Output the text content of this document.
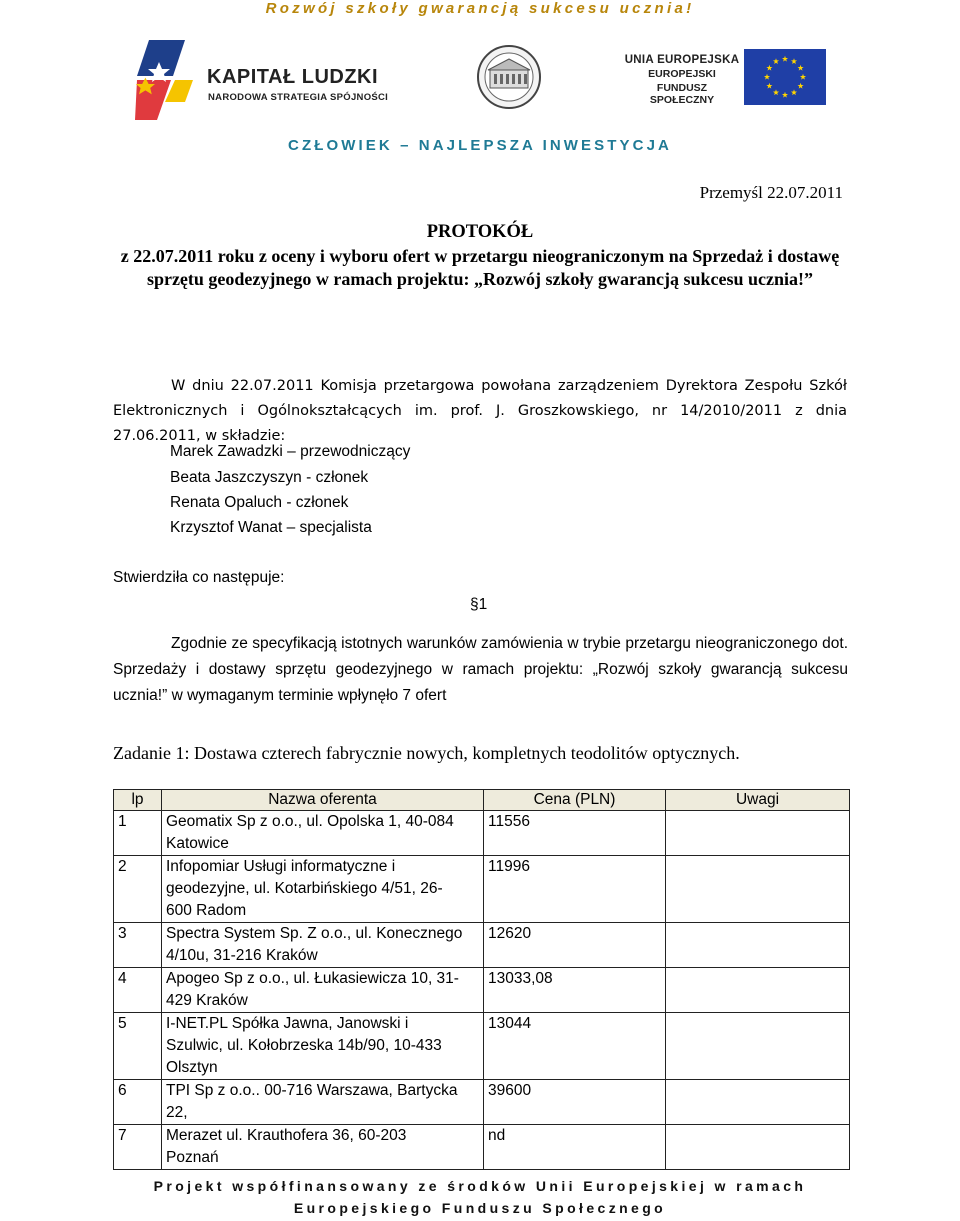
Rozwój szkoły gwarancją sukcesu ucznia!
KAPITAŁ LUDZKI
NARODOWA STRATEGIA SPÓJNOŚCI
UNIA EUROPEJSKA
EUROPEJSKI
FUNDUSZ SPOŁECZNY
CZŁOWIEK – NAJLEPSZA INWESTYCJA
Przemyśl 22.07.2011
PROTOKÓŁ
z 22.07.2011 roku z oceny i wyboru ofert w przetargu nieograniczonym na Sprzedaż i dostawę sprzętu geodezyjnego w ramach projektu: „Rozwój szkoły gwarancją sukcesu ucznia!”
W dniu 22.07.2011 Komisja przetargowa powołana zarządzeniem Dyrektora Zespołu Szkół
Elektronicznych i Ogólnokształcących im. prof. J. Groszkowskiego, nr 14/2010/2011 z dnia
27.06.2011, w składzie:
Marek Zawadzki – przewodniczący
Beata Jaszczyszyn - członek
Renata Opaluch - członek
Krzysztof Wanat – specjalista
Stwierdziła co następuje:
§1
Zgodnie ze specyfikacją istotnych warunków zamówienia w trybie przetargu nieograniczonego dot. Sprzedaży i dostawy sprzętu geodezyjnego w ramach projektu: „Rozwój szkoły gwarancją sukcesu ucznia!” w wymaganym terminie wpłynęło 7 ofert
Zadanie 1: Dostawa czterech fabrycznie nowych, kompletnych teodolitów optycznych.
lp	Nazwa oferenta	Cena (PLN)	Uwagi
1	Geomatix Sp z o.o., ul. Opolska 1, 40-084
Katowice	11556	
2	Infopomiar Usługi informatyczne i
geodezyjne, ul. Kotarbińskiego 4/51, 26-
600 Radom	11996	
3	Spectra System Sp. Z o.o., ul. Konecznego
4/10u, 31-216 Kraków	12620	
4	Apogeo Sp z o.o., ul. Łukasiewicza 10, 31-
429 Kraków	13033,08	
5	I-NET.PL Spółka Jawna, Janowski i
Szulwic, ul. Kołobrzeska 14b/90, 10-433
Olsztyn	13044	
6	TPI Sp z o.o.. 00-716 Warszawa, Bartycka
22,	39600	
7	Merazet ul. Krauthofera 36, 60-203
Poznań	nd	
Projekt współfinansowany ze środków Unii Europejskiej w ramach
Europejskiego Funduszu Społecznego
